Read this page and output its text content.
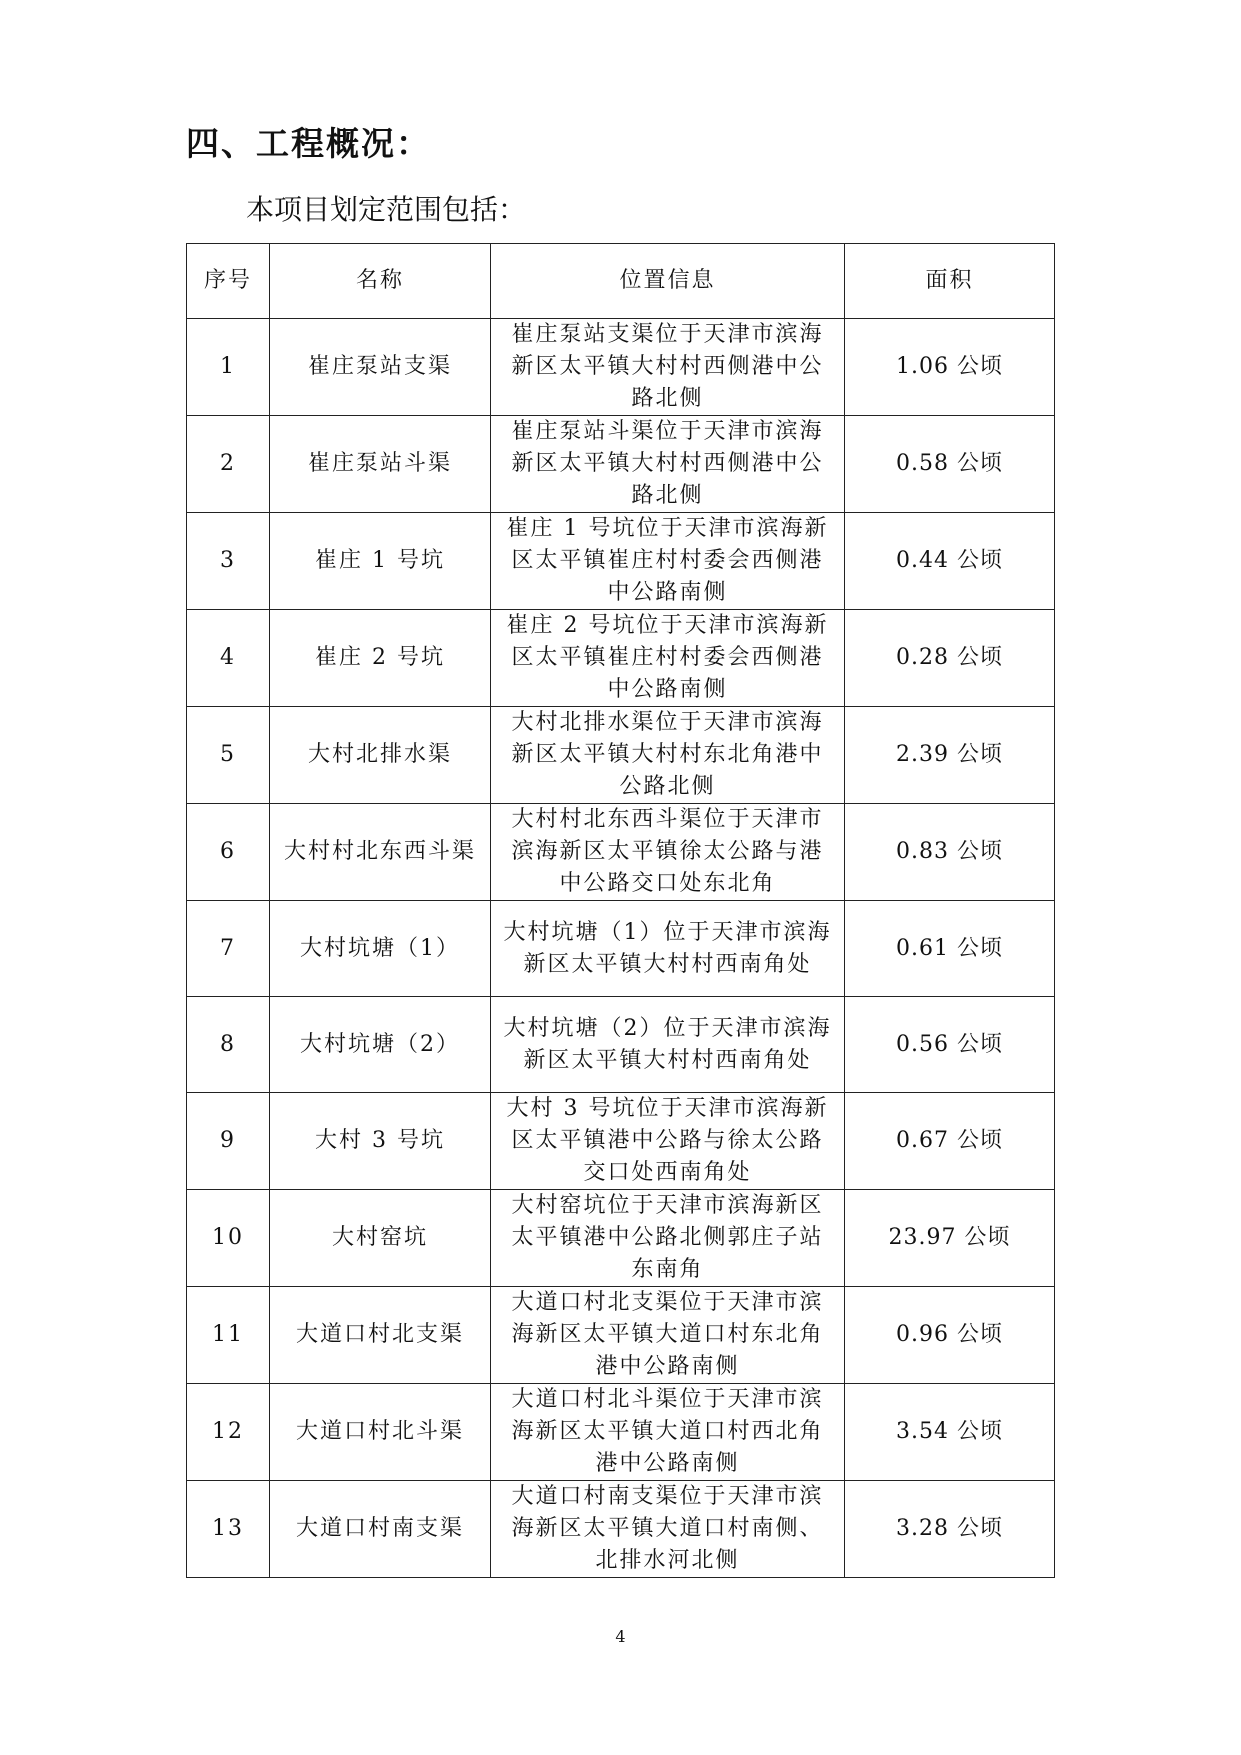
四、工程概况：

本项目划定范围包括：

序号	名称	位置信息	面积
1	崔庄泵站支渠	崔庄泵站支渠位于天津市滨海新区太平镇大村村西侧港中公路北侧	1.06 公顷
2	崔庄泵站斗渠	崔庄泵站斗渠位于天津市滨海新区太平镇大村村西侧港中公路北侧	0.58 公顷
3	崔庄 1 号坑	崔庄 1 号坑位于天津市滨海新区太平镇崔庄村村委会西侧港中公路南侧	0.44 公顷
4	崔庄 2 号坑	崔庄 2 号坑位于天津市滨海新区太平镇崔庄村村委会西侧港中公路南侧	0.28 公顷
5	大村北排水渠	大村北排水渠位于天津市滨海新区太平镇大村村东北角港中公路北侧	2.39 公顷
6	大村村北东西斗渠	大村村北东西斗渠位于天津市滨海新区太平镇徐太公路与港中公路交口处东北角	0.83 公顷
7	大村坑塘（1）	大村坑塘（1）位于天津市滨海新区太平镇大村村西南角处	0.61 公顷
8	大村坑塘（2）	大村坑塘（2）位于天津市滨海新区太平镇大村村西南角处	0.56 公顷
9	大村 3 号坑	大村 3 号坑位于天津市滨海新区太平镇港中公路与徐太公路交口处西南角处	0.67 公顷
10	大村窑坑	大村窑坑位于天津市滨海新区太平镇港中公路北侧郭庄子站东南角	23.97 公顷
11	大道口村北支渠	大道口村北支渠位于天津市滨海新区太平镇大道口村东北角港中公路南侧	0.96 公顷
12	大道口村北斗渠	大道口村北斗渠位于天津市滨海新区太平镇大道口村西北角港中公路南侧	3.54 公顷
13	大道口村南支渠	大道口村南支渠位于天津市滨海新区太平镇大道口村南侧、北排水河北侧	3.28 公顷
4
